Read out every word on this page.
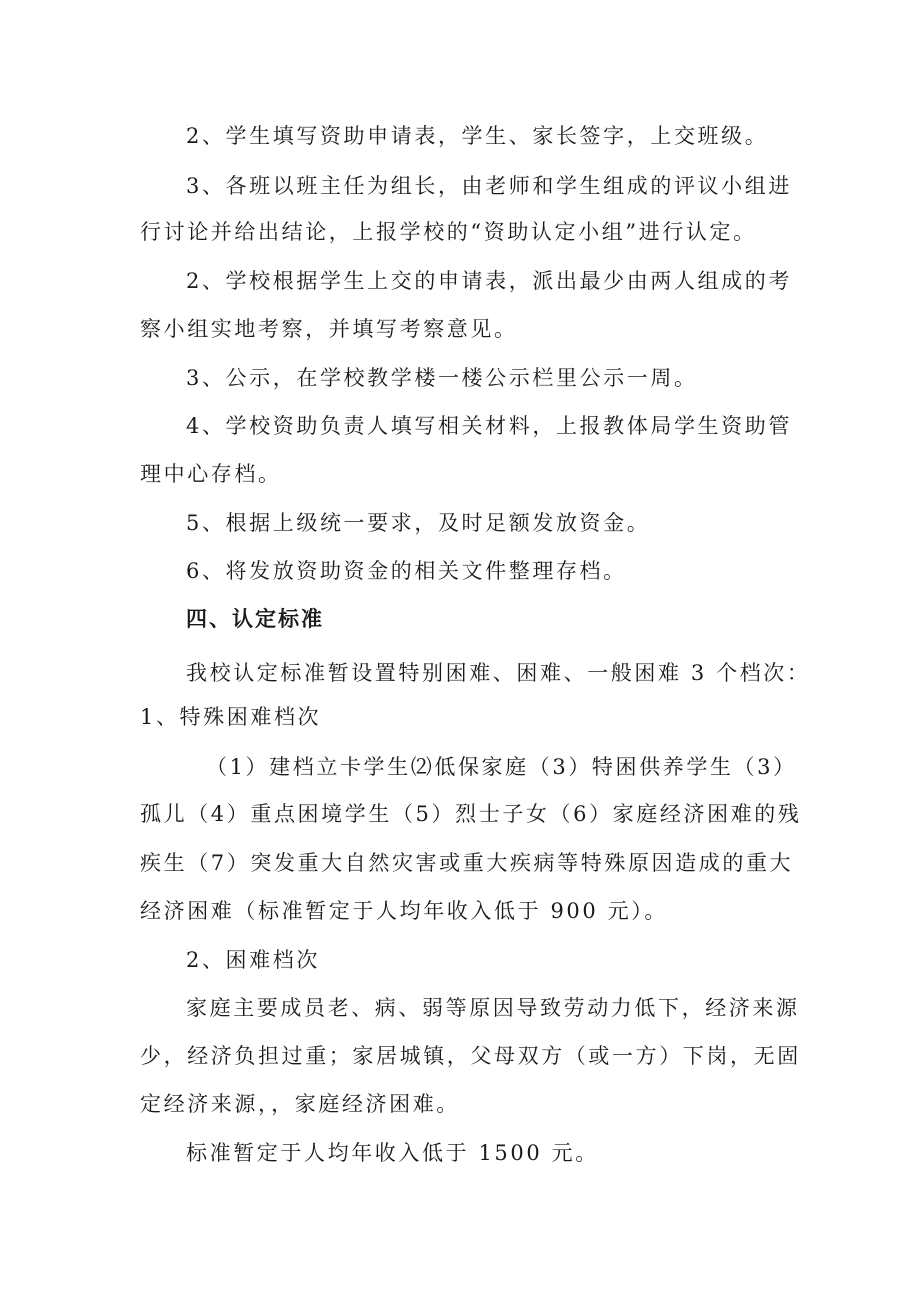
2、学生填写资助申请表，学生、家长签字，上交班级。

3、各班以班主任为组长，由老师和学生组成的评议小组进

行讨论并给出结论，上报学校的“资助认定小组”进行认定。

2、学校根据学生上交的申请表，派出最少由两人组成的考

察小组实地考察，并填写考察意见。

3、公示，在学校教学楼一楼公示栏里公示一周。

4、学校资助负责人填写相关材料，上报教体局学生资助管

理中心存档。

5、根据上级统一要求，及时足额发放资金。

6、将发放资助资金的相关文件整理存档。

四、认定标准

我校认定标准暂设置特别困难、困难、一般困难 3 个档次：

1、特殊困难档次

（1）建档立卡学生⑵低保家庭（3）特困供养学生（3）

孤儿（4）重点困境学生（5）烈士子女（6）家庭经济困难的残

疾生（7）突发重大自然灾害或重大疾病等特殊原因造成的重大

经济困难（标准暂定于人均年收入低于 900 元）。

2、困难档次

家庭主要成员老、病、弱等原因导致劳动力低下，经济来源

少，经济负担过重；家居城镇，父母双方（或一方）下岗，无固

定经济来源，，家庭经济困难。

标准暂定于人均年收入低于 1500 元。
